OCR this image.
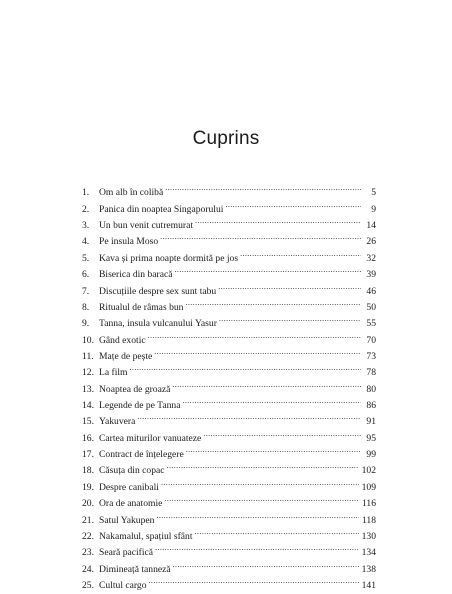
Cuprins
1.	Om alb în colibă .....	5
2.	Panica din noaptea Singaporului .....	9
3.	Un bun venit cutremurat .....	14
4.	Pe insula Moso .....	26
5.	Kava și prima noapte dormită pe jos .....	32
6.	Biserica din baracă .....	39
7.	Discuțiile despre sex sunt tabu .....	46
8.	Ritualul de râmas bun .....	50
9.	Tanna, insula vulcanului Yasur .....	55
10. Gând exotic .....	70
11. Mațe de pește .....	73
12. La film .....	78
13. Noaptea de groază .....	80
14. Legende de pe Tanna .....	86
15. Yakuvera .....	91
16. Cartea miturilor vanuateze .....	95
17. Contract de înțelegere .....	99
18. Căsuța din copac .....	102
19. Despre canibali .....	109
20. Ora de anatomie .....	116
21. Satul Yakupen .....	118
22. Nakamalul, spațiul sfânt .....	130
23. Seară pacifică .....	134
24. Dimineață tanneză .....	138
25. Cultul cargo .....	141
